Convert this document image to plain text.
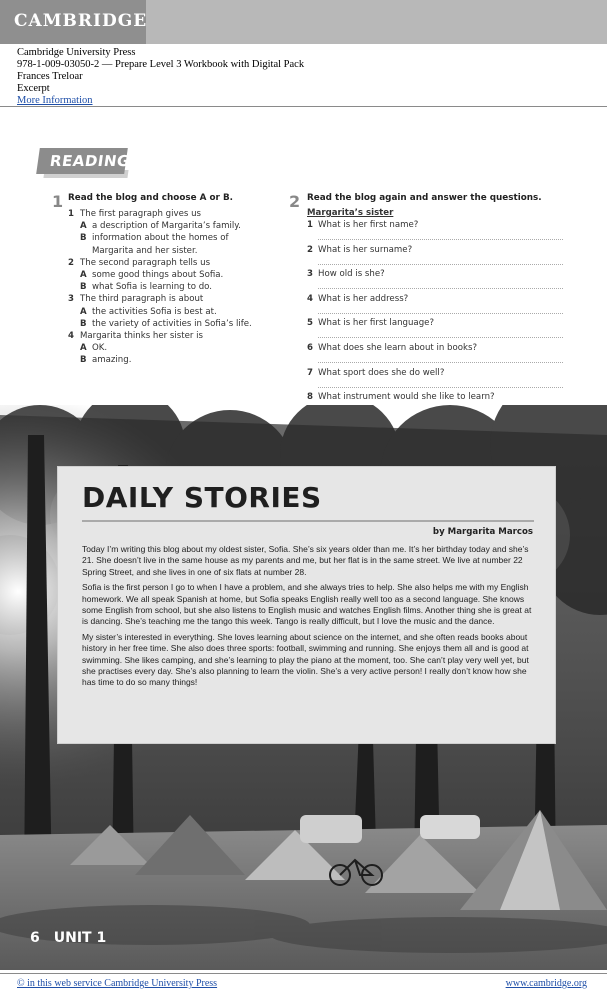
CAMBRIDGE
Cambridge University Press
978-1-009-03050-2 — Prepare Level 3 Workbook with Digital Pack
Frances Treloar
Excerpt
More Information
READING
1 Read the blog and choose A or B.
1 The first paragraph gives us
A a description of Margarita’s family.
B information about the homes of Margarita and her sister.
2 The second paragraph tells us
A some good things about Sofia.
B what Sofia is learning to do.
3 The third paragraph is about
A the activities Sofia is best at.
B the variety of activities in Sofia’s life.
4 Margarita thinks her sister is
A OK.
B amazing.
2 Read the blog again and answer the questions.
Margarita’s sister
1 What is her first name?
2 What is her surname?
3 How old is she?
4 What is her address?
5 What is her first language?
6 What does she learn about in books?
7 What sport does she do well?
8 What instrument would she like to learn?
DAILY STORIES
by Margarita Marcos

Today I’m writing this blog about my oldest sister, Sofia. She’s six years older than me. It’s her birthday today and she’s 21. She doesn’t live in the same house as my parents and me, but her flat is in the same street. We live at number 22 Spring Street, and she lives in one of six flats at number 28.

Sofia is the first person I go to when I have a problem, and she always tries to help. She also helps me with my English homework. We all speak Spanish at home, but Sofia speaks English really well too as a second language. She knows some English from school, but she also listens to English music and watches English films. Another thing she is great at is dancing. She’s teaching me the tango this week. Tango is really difficult, but I love the music and the dance.

My sister’s interested in everything. She loves learning about science on the internet, and she often reads books about history in her free time. She also does three sports: football, swimming and running. She enjoys them all and is good at swimming. She likes camping, and she’s learning to play the piano at the moment, too. She can’t play very well yet, but she practises every day. She’s also planning to learn the violin. She’s a very active person! I really don’t know how she has time to do so many things!

6 UNIT 1
© in this web service Cambridge University Press	www.cambridge.org
